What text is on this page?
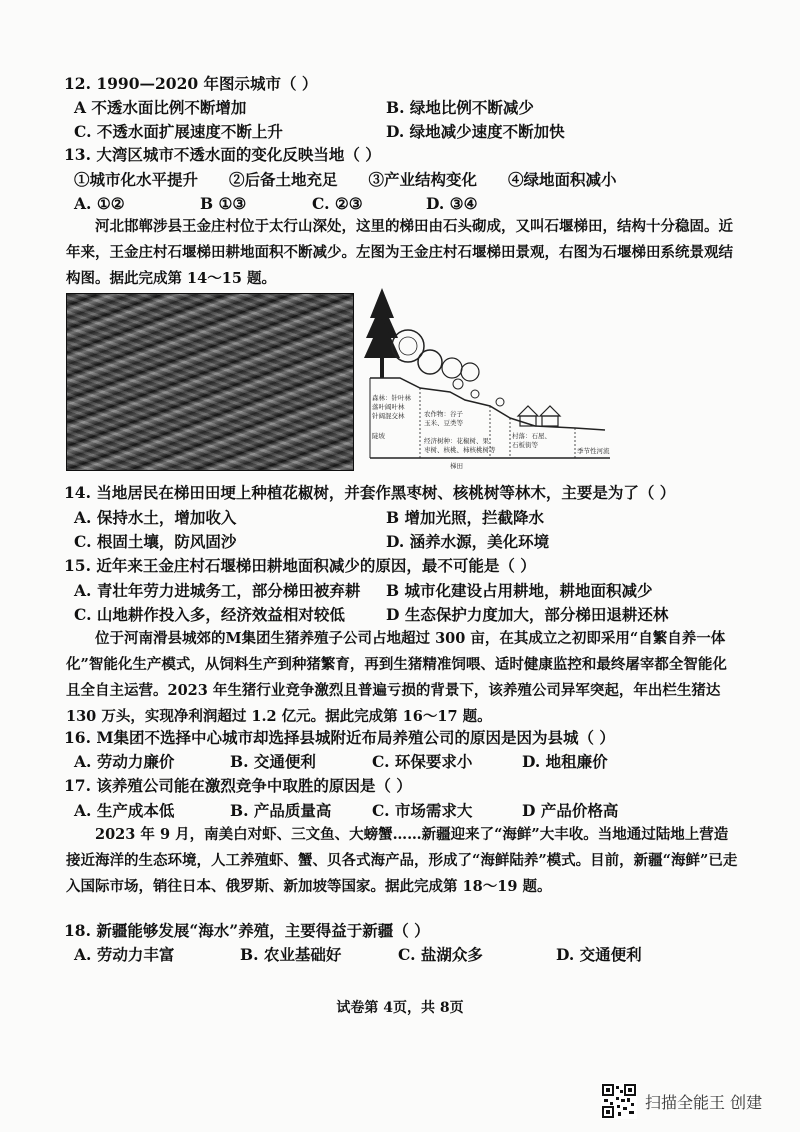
12. 1990—2020 年图示城市（ ）
A 不透水面比例不断增加	B. 绿地比例不断减少
C. 不透水面扩展速度不断上升	D. 绿地减少速度不断加快
13. 大湾区城市不透水面的变化反映当地（ ）
①城市化水平提升　　②后备土地充足　　③产业结构变化　　④绿地面积减小
A. ①②	B ①③	C. ②③	D. ③④
河北邯郸涉县王金庄村位于太行山深处，这里的梯田由石头砌成，又叫石堰梯田，结构十分稳固。近年来，王金庄村石堰梯田耕地面积不断减少。左图为王金庄村石堰梯田景观，右图为石堰梯田系统景观结构图。据此完成第 14～15 题。
森林：针叶林
落叶阔叶林
针阔混交林
陡坡
农作物：谷子
玉米、豆类等
经济树种：花椒树、果
枣树、核桃、柿核桃树等
村落：石屋、
石板街等
季节性河流
梯田
14. 当地居民在梯田田埂上种植花椒树，并套作黑枣树、核桃树等林木，主要是为了（ ）
A. 保持水土，增加收入	B 增加光照，拦截降水
C. 根固土壤，防风固沙	D. 涵养水源，美化环境
15. 近年来王金庄村石堰梯田耕地面积减少的原因，最不可能是（ ）
A. 青壮年劳力进城务工，部分梯田被弃耕 B 城市化建设占用耕地，耕地面积减少
C. 山地耕作投入多，经济效益相对较低	D 生态保护力度加大，部分梯田退耕还林
位于河南滑县城郊的M集团生猪养殖子公司占地超过 300 亩，在其成立之初即采用“自繁自养一体化”智能化生产模式，从饲料生产到种猪繁育，再到生猪精准饲喂、适时健康监控和最终屠宰都全智能化且全自主运营。2023 年生猪行业竞争激烈且普遍亏损的背景下，该养殖公司异军突起，年出栏生猪达 130 万头，实现净利润超过 1.2 亿元。据此完成第 16～17 题。
16. M集团不选择中心城市却选择县城附近布局养殖公司的原因是因为县城（ ）
A. 劳动力廉价	B. 交通便利	C. 环保要求小	D. 地租廉价
17. 该养殖公司能在激烈竞争中取胜的原因是（ ）
A. 生产成本低	B. 产品质量高	C. 市场需求大	D 产品价格高
2023 年 9 月，南美白对虾、三文鱼、大螃蟹……新疆迎来了“海鲜”大丰收。当地通过陆地上营造接近海洋的生态环境，人工养殖虾、蟹、贝各式海产品，形成了“海鲜陆养”模式。目前，新疆“海鲜”已走入国际市场，销往日本、俄罗斯、新加坡等国家。据此完成第 18～19 题。
18. 新疆能够发展“海水”养殖，主要得益于新疆（ ）
A. 劳动力丰富	B. 农业基础好	C. 盐湖众多	D. 交通便利
试卷第 4页，共 8页
扫描全能王 创建
